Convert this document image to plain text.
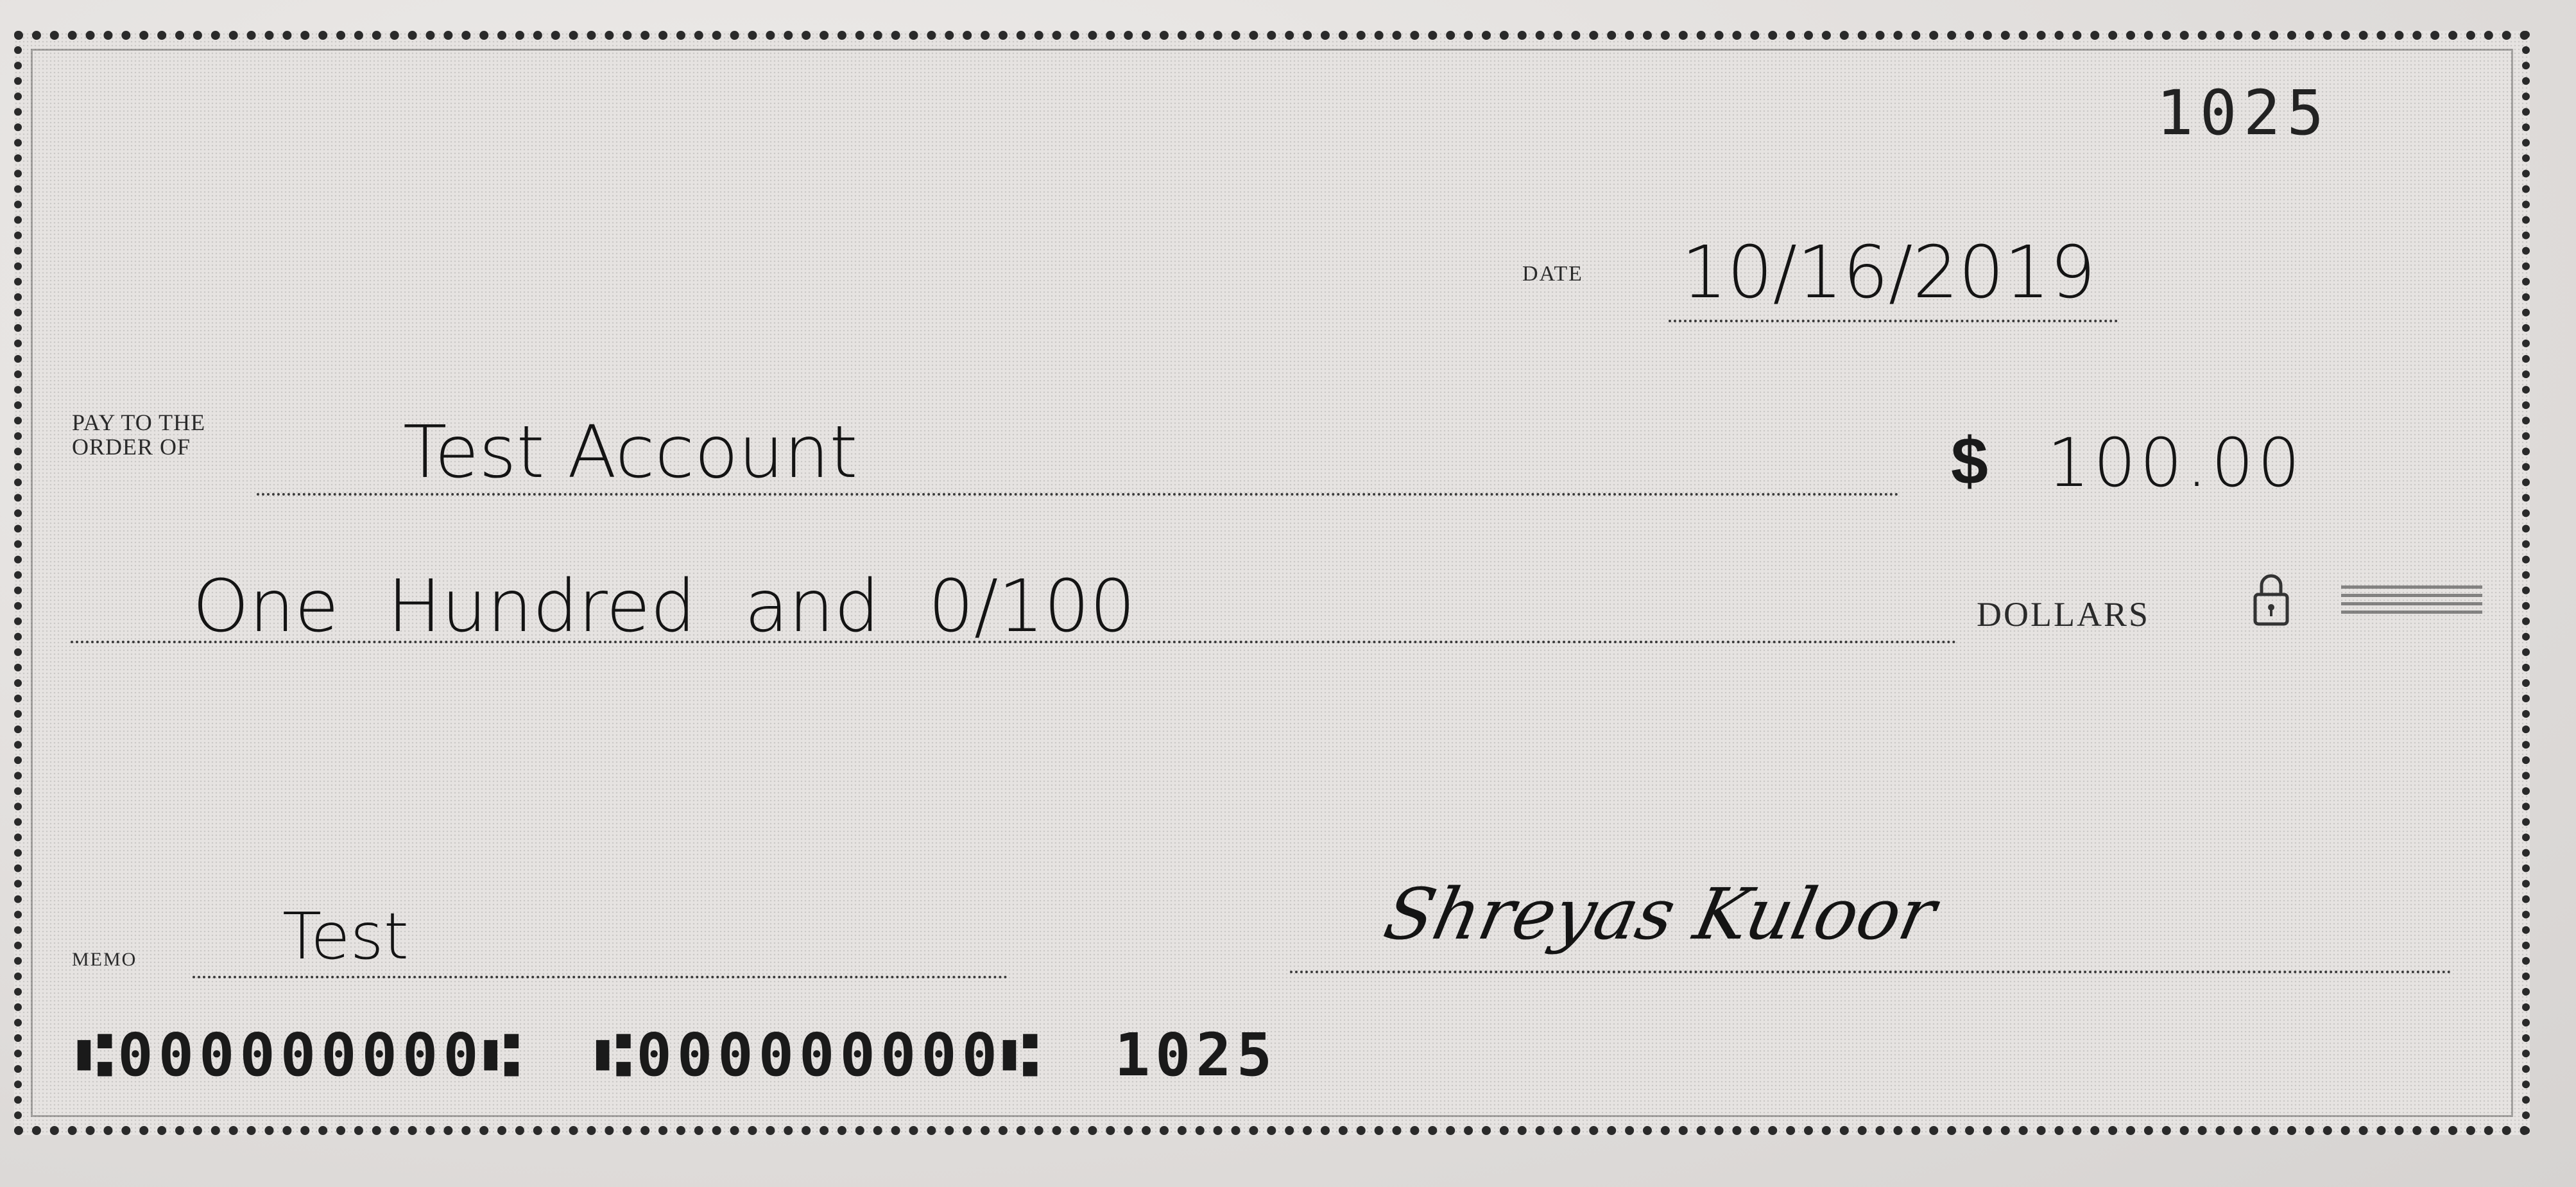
1025
DATE 10/16/2019
PAY TO THE
ORDER OF	Test Account	$ 100.00
One Hundred and 0/100	DOLLARS
MEMO Test	Shreyas Kuloor
⑆000000000⑆ ⑆000000000⑆ 1025
